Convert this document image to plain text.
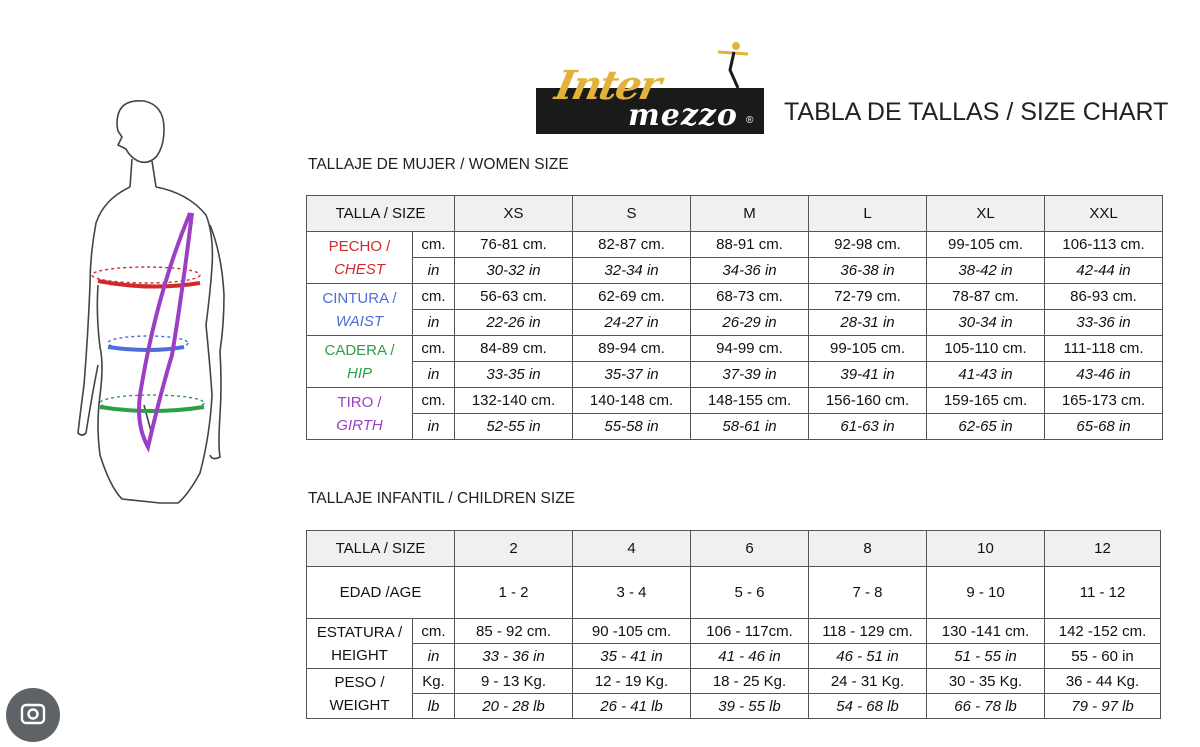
Inter
mezzo ® TABLA DE TALLAS / SIZE CHART
TALLAJE DE MUJER / WOMEN SIZE
TALLA / SIZE		XS	S	M	L	XL	XXL

PECHO /
CHEST	cm.	76-81 cm.	82-87 cm.	88-91 cm.	92-98 cm.	99-105 cm.	106-113 cm.
	in	30-32 in	32-34 in	34-36 in	36-38 in	38-42 in	42-44 in

CINTURA /
WAIST	cm.	56-63 cm.	62-69 cm.	68-73 cm.	72-79 cm.	78-87 cm.	86-93 cm.
	in	22-26 in	24-27 in	26-29 in	28-31 in	30-34 in	33-36 in

CADERA /
HIP	cm.	84-89 cm.	89-94 cm.	94-99 cm.	99-105 cm.	105-110 cm.	111-118 cm.
	in	33-35 in	35-37 in	37-39 in	39-41 in	41-43 in	43-46 in

TIRO /
GIRTH	cm.	132-140 cm.	140-148 cm.	148-155 cm.	156-160 cm.	159-165 cm.	165-173 cm.
	in	52-55 in	55-58 in	58-61 in	61-63 in	62-65 in	65-68 in
TALLAJE INFANTIL / CHILDREN SIZE
TALLA / SIZE		2	4	6	8	10	12
EDAD /AGE		1 - 2	3 - 4	5 - 6	7 - 8	9 - 10	11 - 12

ESTATURA /
HEIGHT	cm.	85 - 92 cm.	90 -105 cm.	106 - 117cm.	118 - 129 cm.	130 -141 cm.	142 -152 cm.
	in	33 - 36 in	35 - 41 in	41 - 46 in	46 - 51 in	51 - 55 in	55 - 60 in

PESO /
WEIGHT	Kg.	9 - 13 Kg.	12 - 19 Kg.	18 - 25 Kg.	24 - 31 Kg.	30 - 35 Kg.	36 - 44 Kg.
	lb	20 - 28 lb	26 - 41 lb	39 - 55 lb	54 - 68 lb	66 - 78 lb	79 - 97 lb
